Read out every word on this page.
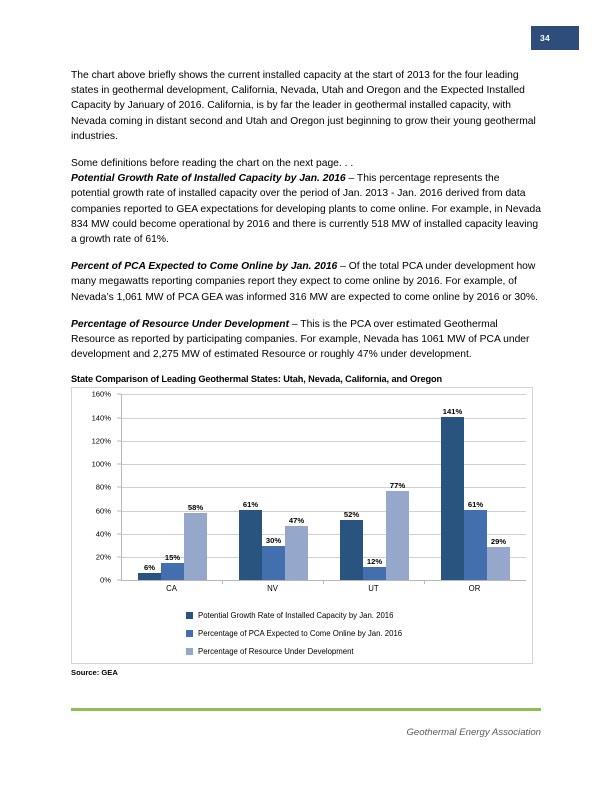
34

The chart above briefly shows the current installed capacity at the start of 2013 for the four leading states in geothermal development, California, Nevada, Utah and Oregon and the Expected Installed Capacity by January of 2016. California, is by far the leader in geothermal installed capacity, with Nevada coming in distant second and Utah and Oregon just beginning to grow their young geothermal industries.

Some definitions before reading the chart on the next page. . .

Potential Growth Rate of Installed Capacity by Jan. 2016 – This percentage represents the potential growth rate of installed capacity over the period of Jan. 2013 - Jan. 2016 derived from data companies reported to GEA expectations for developing plants to come online. For example, in Nevada 834 MW could become operational by 2016 and there is currently 518 MW of installed capacity leaving a growth rate of 61%.

Percent of PCA Expected to Come Online by Jan. 2016 – Of the total PCA under development how many megawatts reporting companies report they expect to come online by 2016. For example, of Nevada’s 1,061 MW of PCA GEA was informed 316 MW are expected to come online by 2016 or 30%.

Percentage of Resource Under Development – This is the PCA over estimated Geothermal Resource as reported by participating companies. For example, Nevada has 1061 MW of PCA under development and 2,275 MW of estimated Resource or roughly 47% under development.

State Comparison of Leading Geothermal States: Utah, Nevada, California, and Oregon
0%
20%
40%
60%
80%
100%
120%
140%
160%
6%
15%
58%	61%
30%
47%
52%
12%
77%
141%
61%
29%
CA	NV	UT	OR
Potential Growth Rate of Installed Capacity by Jan. 2016
Percentage of PCA Expected to Come Online by Jan. 2016
Percentage of Resource Under Development
Source: GEA
Geothermal Energy Association
